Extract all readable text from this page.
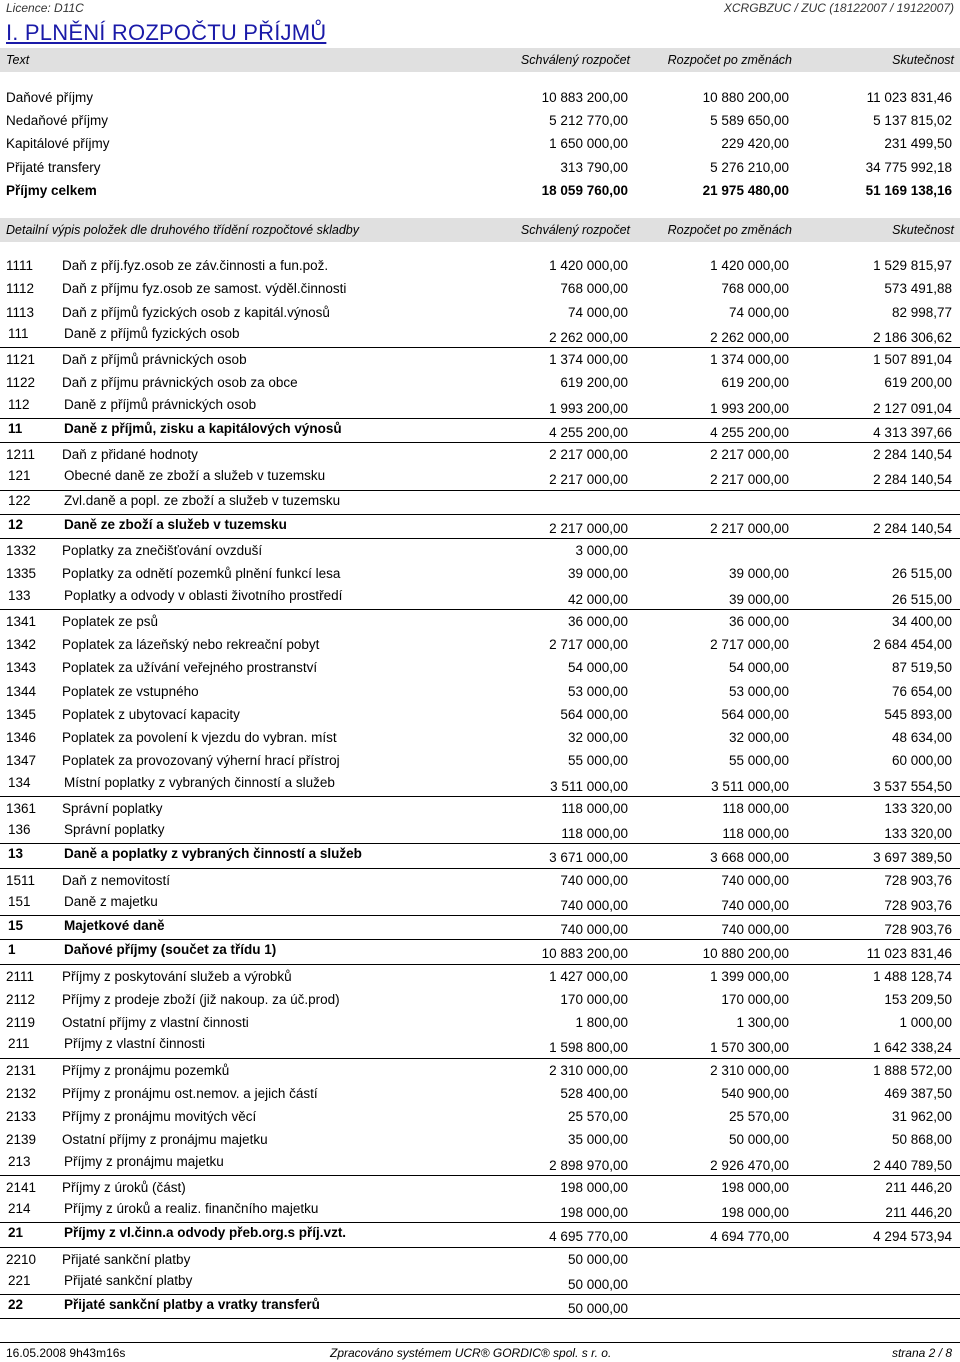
Licence: D11C	XCRGBZUC / ZUC (18122007 / 19122007)
I. PLNĚNÍ ROZPOČTU PŘÍJMŮ
Text	Schválený rozpočet	Rozpočet po změnách	Skutečnost
Daňové příjmy	10 883 200,00	10 880 200,00	11 023 831,46
Nedaňové příjmy	5 212 770,00	5 589 650,00	5 137 815,02
Kapitálové příjmy	1 650 000,00	229 420,00	231 499,50
Přijaté transfery	313 790,00	5 276 210,00	34 775 992,18
Příjmy celkem	18 059 760,00	21 975 480,00	51 169 138,16
Detailní výpis položek dle druhového třídění rozpočtové skladby	Schválený rozpočet	Rozpočet po změnách	Skutečnost
1111 Daň z příj.fyz.osob ze záv.činnosti a fun.pož.	1 420 000,00	1 420 000,00	1 529 815,97
1112 Daň z příjmu fyz.osob ze samost. výděl.činnosti	768 000,00	768 000,00	573 491,88
1113 Daň z příjmů fyzických osob z kapitál.výnosů	74 000,00	74 000,00	82 998,77
111	Daně z příjmů fyzických osob	2 262 000,00	2 262 000,00	2 186 306,62
1121 Daň z příjmů právnických osob	1 374 000,00	1 374 000,00	1 507 891,04
1122 Daň z příjmu právnických osob za obce	619 200,00	619 200,00	619 200,00
112	Daně z příjmů právnických osob	1 993 200,00	1 993 200,00	2 127 091,04
11	Daně z příjmů, zisku a kapitálových výnosů	4 255 200,00	4 255 200,00	4 313 397,66
1211 Daň z přidané hodnoty	2 217 000,00	2 217 000,00	2 284 140,54
121 Obecné daně ze zboží a služeb v tuzemsku	2 217 000,00	2 217 000,00	2 284 140,54
122 Zvl.daně a popl. ze zboží a služeb v tuzemsku
12	Daně ze zboží a služeb v tuzemsku	2 217 000,00	2 217 000,00	2 284 140,54
1332 Poplatky za znečišťování ovzduší	3 000,00
1335 Poplatky za odnětí pozemků plnění funkcí lesa	39 000,00	39 000,00	26 515,00
133 Poplatky a odvody v oblasti životního prostředí	42 000,00	39 000,00	26 515,00
1341 Poplatek ze psů	36 000,00	36 000,00	34 400,00
1342 Poplatek za lázeňský nebo rekreační pobyt	2 717 000,00	2 717 000,00	2 684 454,00
1343 Poplatek za užívání veřejného prostranství	54 000,00	54 000,00	87 519,50
1344 Poplatek ze vstupného	53 000,00	53 000,00	76 654,00
1345 Poplatek z ubytovací kapacity	564 000,00	564 000,00	545 893,00
1346 Poplatek za povolení k vjezdu do vybran. míst	32 000,00	32 000,00	48 634,00
1347 Poplatek za provozovaný výherní hrací přístroj	55 000,00	55 000,00	60 000,00
134 Místní poplatky z vybraných činností a služeb	3 511 000,00	3 511 000,00	3 537 554,50
1361 Správní poplatky	118 000,00	118 000,00	133 320,00
136 Správní poplatky	118 000,00	118 000,00	133 320,00
13	Daně a poplatky z vybraných činností a služeb	3 671 000,00	3 668 000,00	3 697 389,50
1511 Daň z nemovitostí	740 000,00	740 000,00	728 903,76
151 Daně z majetku	740 000,00	740 000,00	728 903,76
15	Majetkové daně	740 000,00	740 000,00	728 903,76
1	Daňové příjmy (součet za třídu 1)	10 883 200,00	10 880 200,00	11 023 831,46
2111 Příjmy z poskytování služeb a výrobků	1 427 000,00	1 399 000,00	1 488 128,74
2112 Příjmy z prodeje zboží (již nakoup. za úč.prod)	170 000,00	170 000,00	153 209,50
2119 Ostatní příjmy z vlastní činnosti	1 800,00	1 300,00	1 000,00
211	Příjmy z vlastní činnosti	1 598 800,00	1 570 300,00	1 642 338,24
2131 Příjmy z pronájmu pozemků	2 310 000,00	2 310 000,00	1 888 572,00
2132 Příjmy z pronájmu ost.nemov. a jejich částí	528 400,00	540 900,00	469 387,50
2133 Příjmy z pronájmu movitých věcí	25 570,00	25 570,00	31 962,00
2139 Ostatní příjmy z pronájmu majetku	35 000,00	50 000,00	50 868,00
213 Příjmy z pronájmu majetku	2 898 970,00	2 926 470,00	2 440 789,50
2141 Příjmy z úroků (část)	198 000,00	198 000,00	211 446,20
214 Příjmy z úroků a realiz. finančního majetku	198 000,00	198 000,00	211 446,20
21	Příjmy z vl.činn.a odvody přeb.org.s příj.vzt.	4 695 770,00	4 694 770,00	4 294 573,94
2210 Přijaté sankční platby	50 000,00
221 Přijaté sankční platby	50 000,00
22	Přijaté sankční platby a vratky transferů	50 000,00
16.05.2008 9h43m16s	Zpracováno systémem UCR® GORDIC® spol. s r. o.	strana 2 / 8
